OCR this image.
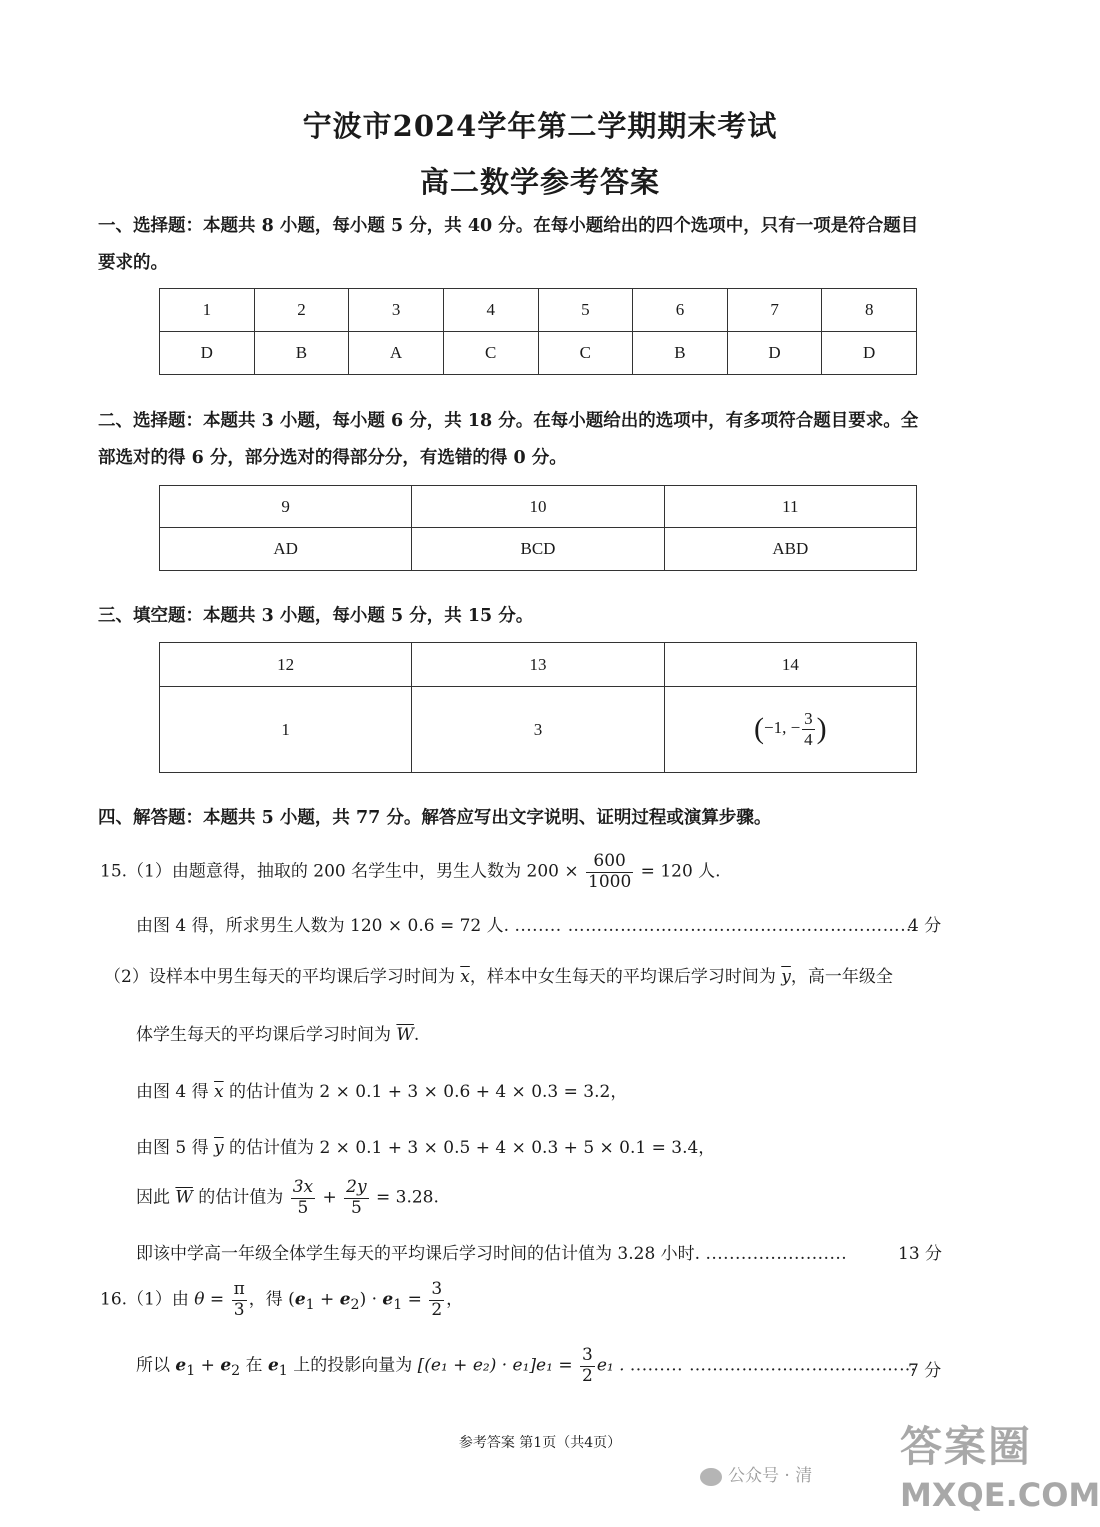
宁波市2024学年第二学期期末考试
高二数学参考答案
一、选择题：本题共 8 小题，每小题 5 分，共 40 分。在每小题给出的四个选项中，只有一项是符合题目
要求的。
1	2	3	4	5	6	7	8
D	B	A	C	C	B	D	D
二、选择题：本题共 3 小题，每小题 6 分，共 18 分。在每小题给出的选项中，有多项符合题目要求。全
部选对的得 6 分，部分选对的得部分分，有选错的得 0 分。
9	10	11
AD	BCD	ABD
三、填空题：本题共 3 小题，每小题 5 分，共 15 分。
12	13	14
1	3	(−1, − $\frac{3}{4}$ )
四、解答题：本题共 5 小题，共 77 分。解答应写出文字说明、证明过程或演算步骤。
15.（1）由题意得，抽取的 200 名学生中，男生人数为 $200 \times \frac{600}{1000} = 120$ 人.
由图 4 得，所求男生人数为 120 × 0.6 = 72 人. ........ ……………………………………………………
4 分
（2）设样本中男生每天的平均课后学习时间为 $\overline{x}$，样本中女生每天的平均课后学习时间为 $\overline{y}$，高一年级全
体学生每天的平均课后学习时间为 $\overline{W}$.
由图 4 得 $\overline{x}$ 的估计值为 2 × 0.1 + 3 × 0.6 + 4 × 0.3 = 3.2，
由图 5 得 $\overline{y}$ 的估计值为 2 × 0.1 + 3 × 0.5 + 4 × 0.3 + 5 × 0.1 = 3.4，
因此 $\overline{W}$ 的估计值为 $\frac{3x}{5} + \frac{2y}{5} = 3.28$.
即该中学高一年级全体学生每天的平均课后学习时间的估计值为 3.28 小时. ........................	13 分
16.（1）由 $\theta = \frac{\pi}{3}$ ，得 $(e_1 + e_2) \cdot e_1 = \frac{3}{2}$ ，
所以 $e_1 + e_2$ 在 $e_1$ 上的投影向量为 $[(e_1 + e_2) \cdot e_1]e_1 = \frac{3}{2} e_1$ . ......... …………………………………
7 分
参考答案 第1页（共4页）
公众号 · 清
答案圈
MXQE.COM
